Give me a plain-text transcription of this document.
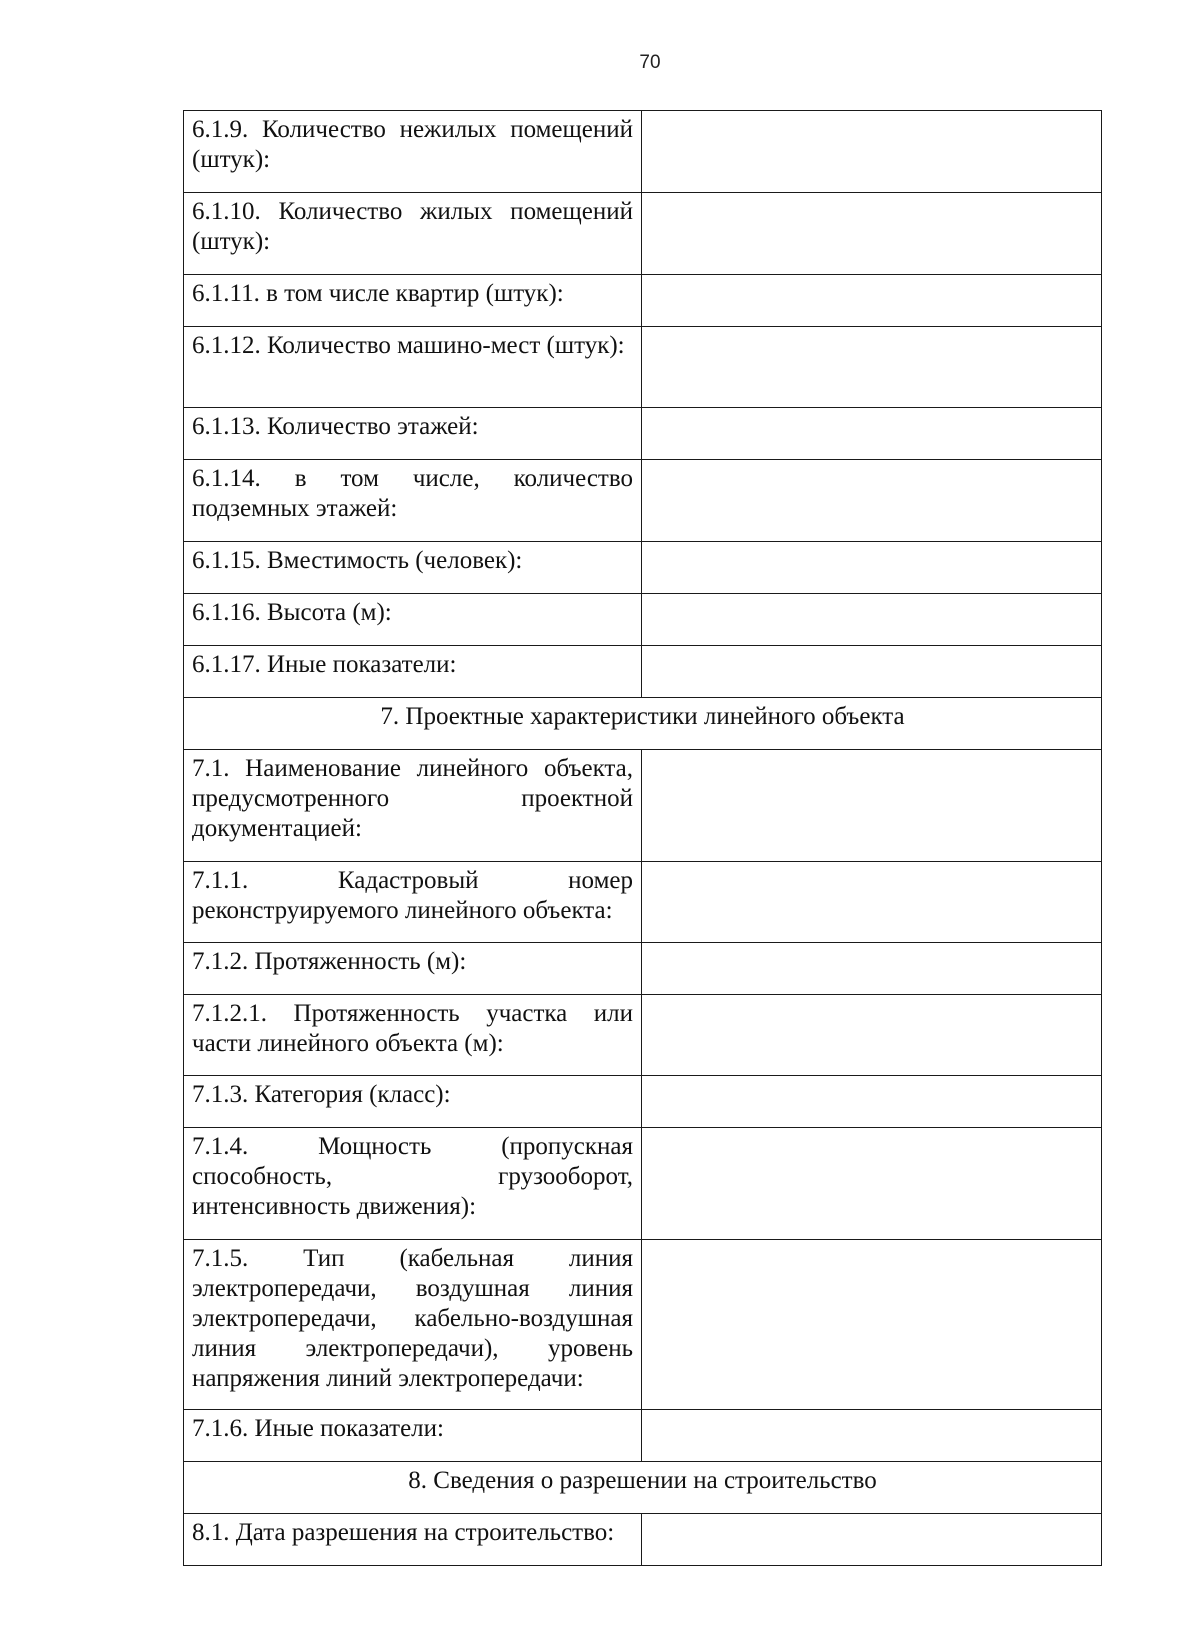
70
6.1.9. Количество нежилых помещений (штук):	
6.1.10. Количество жилых помещений (штук):	
6.1.11. в том числе квартир (штук):	
6.1.12. Количество машино-мест (штук):	
6.1.13. Количество этажей:	
6.1.14. в том числе, количество подземных этажей:	
6.1.15. Вместимость (человек):	
6.1.16. Высота (м):	
6.1.17. Иные показатели:	
7. Проектные характеристики линейного объекта	
7.1. Наименование линейного объекта, предусмотренного проектной документацией:	
7.1.1. Кадастровый номер реконструируемого линейного объекта:	
7.1.2. Протяженность (м):	
7.1.2.1. Протяженность участка или части линейного объекта (м):	
7.1.3. Категория (класс):	
7.1.4. Мощность (пропускная способность, грузооборот, интенсивность движения):	
7.1.5. Тип (кабельная линия электропередачи, воздушная линия электропередачи, кабельно-воздушная линия электропередачи), уровень напряжения линий электропередачи:	
7.1.6. Иные показатели:	
8. Сведения о разрешении на строительство	
8.1. Дата разрешения на строительство:	
